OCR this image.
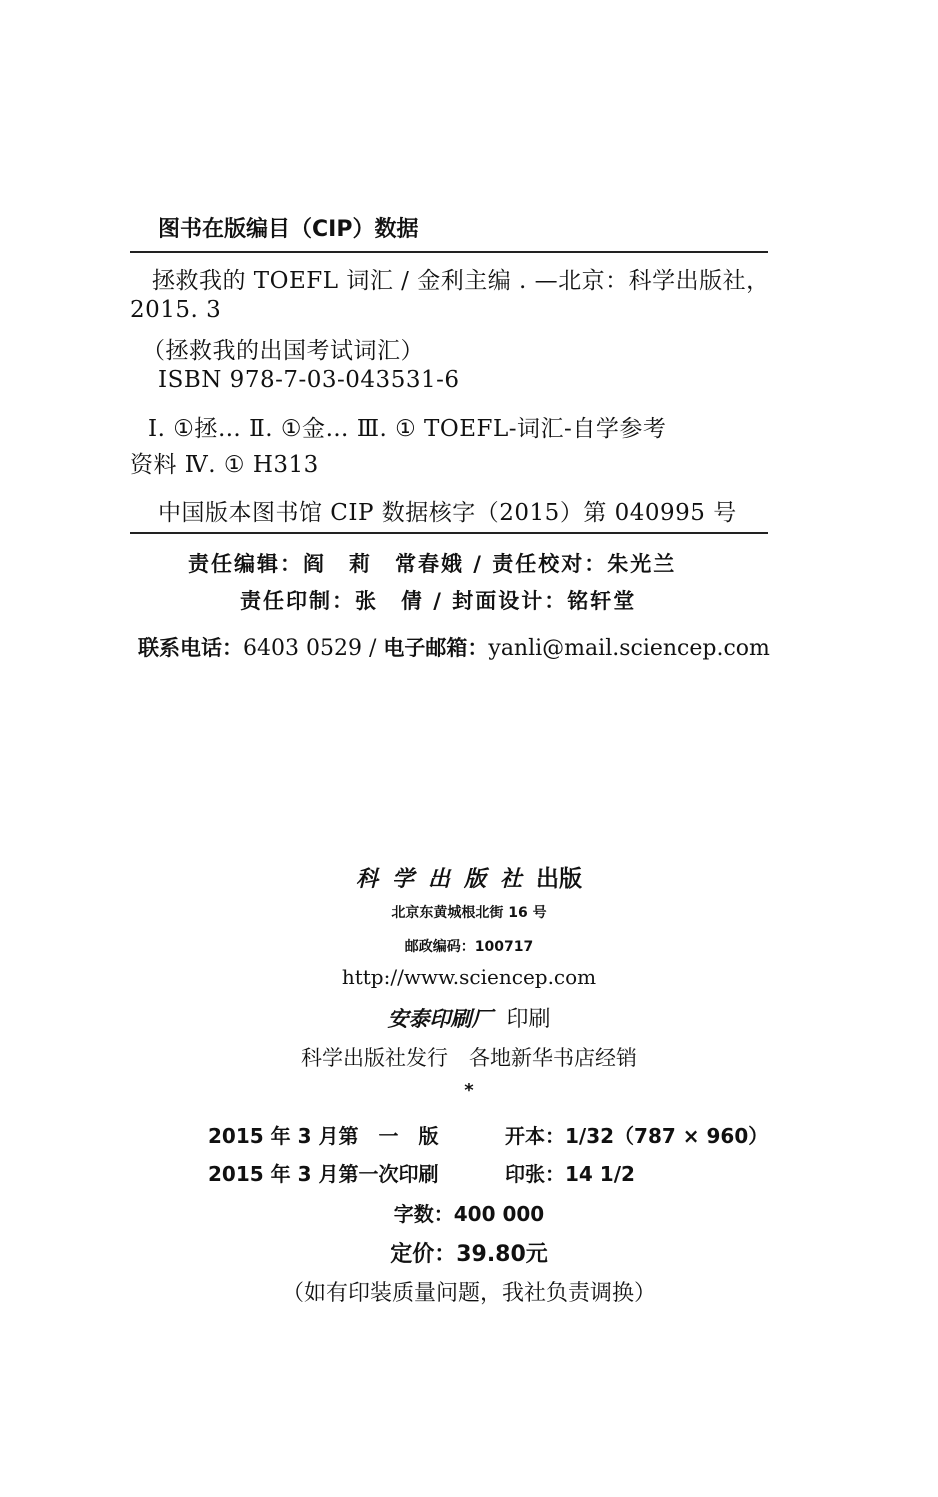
图书在版编目（CIP）数据
拯救我的 TOEFL 词汇 / 金利主编 . —北京：科学出版社，
2015. 3
（拯救我的出国考试词汇）
ISBN 978-7-03-043531-6
Ⅰ. ①拯… Ⅱ. ①金… Ⅲ. ① TOEFL-词汇-自学参考
资料 Ⅳ. ① H313
中国版本图书馆 CIP 数据核字（2015）第 040995 号
责任编辑：阎　莉　常春娥 / 责任校对：朱光兰
责任印制：张　倩 / 封面设计：铭轩堂
联系电话：6403 0529 / 电子邮箱：yanli@mail.sciencep.com
科学出版社出版
北京东黄城根北街 16 号
邮政编码：100717
http://www.sciencep.com
安泰印刷厂 印刷
科学出版社发行　各地新华书店经销
*
2015 年 3 月第　一　版	开本：1/32（787 × 960）
2015 年 3 月第一次印刷	印张：14 1/2
字数：400 000
定价：39.80元
（如有印装质量问题，我社负责调换）
